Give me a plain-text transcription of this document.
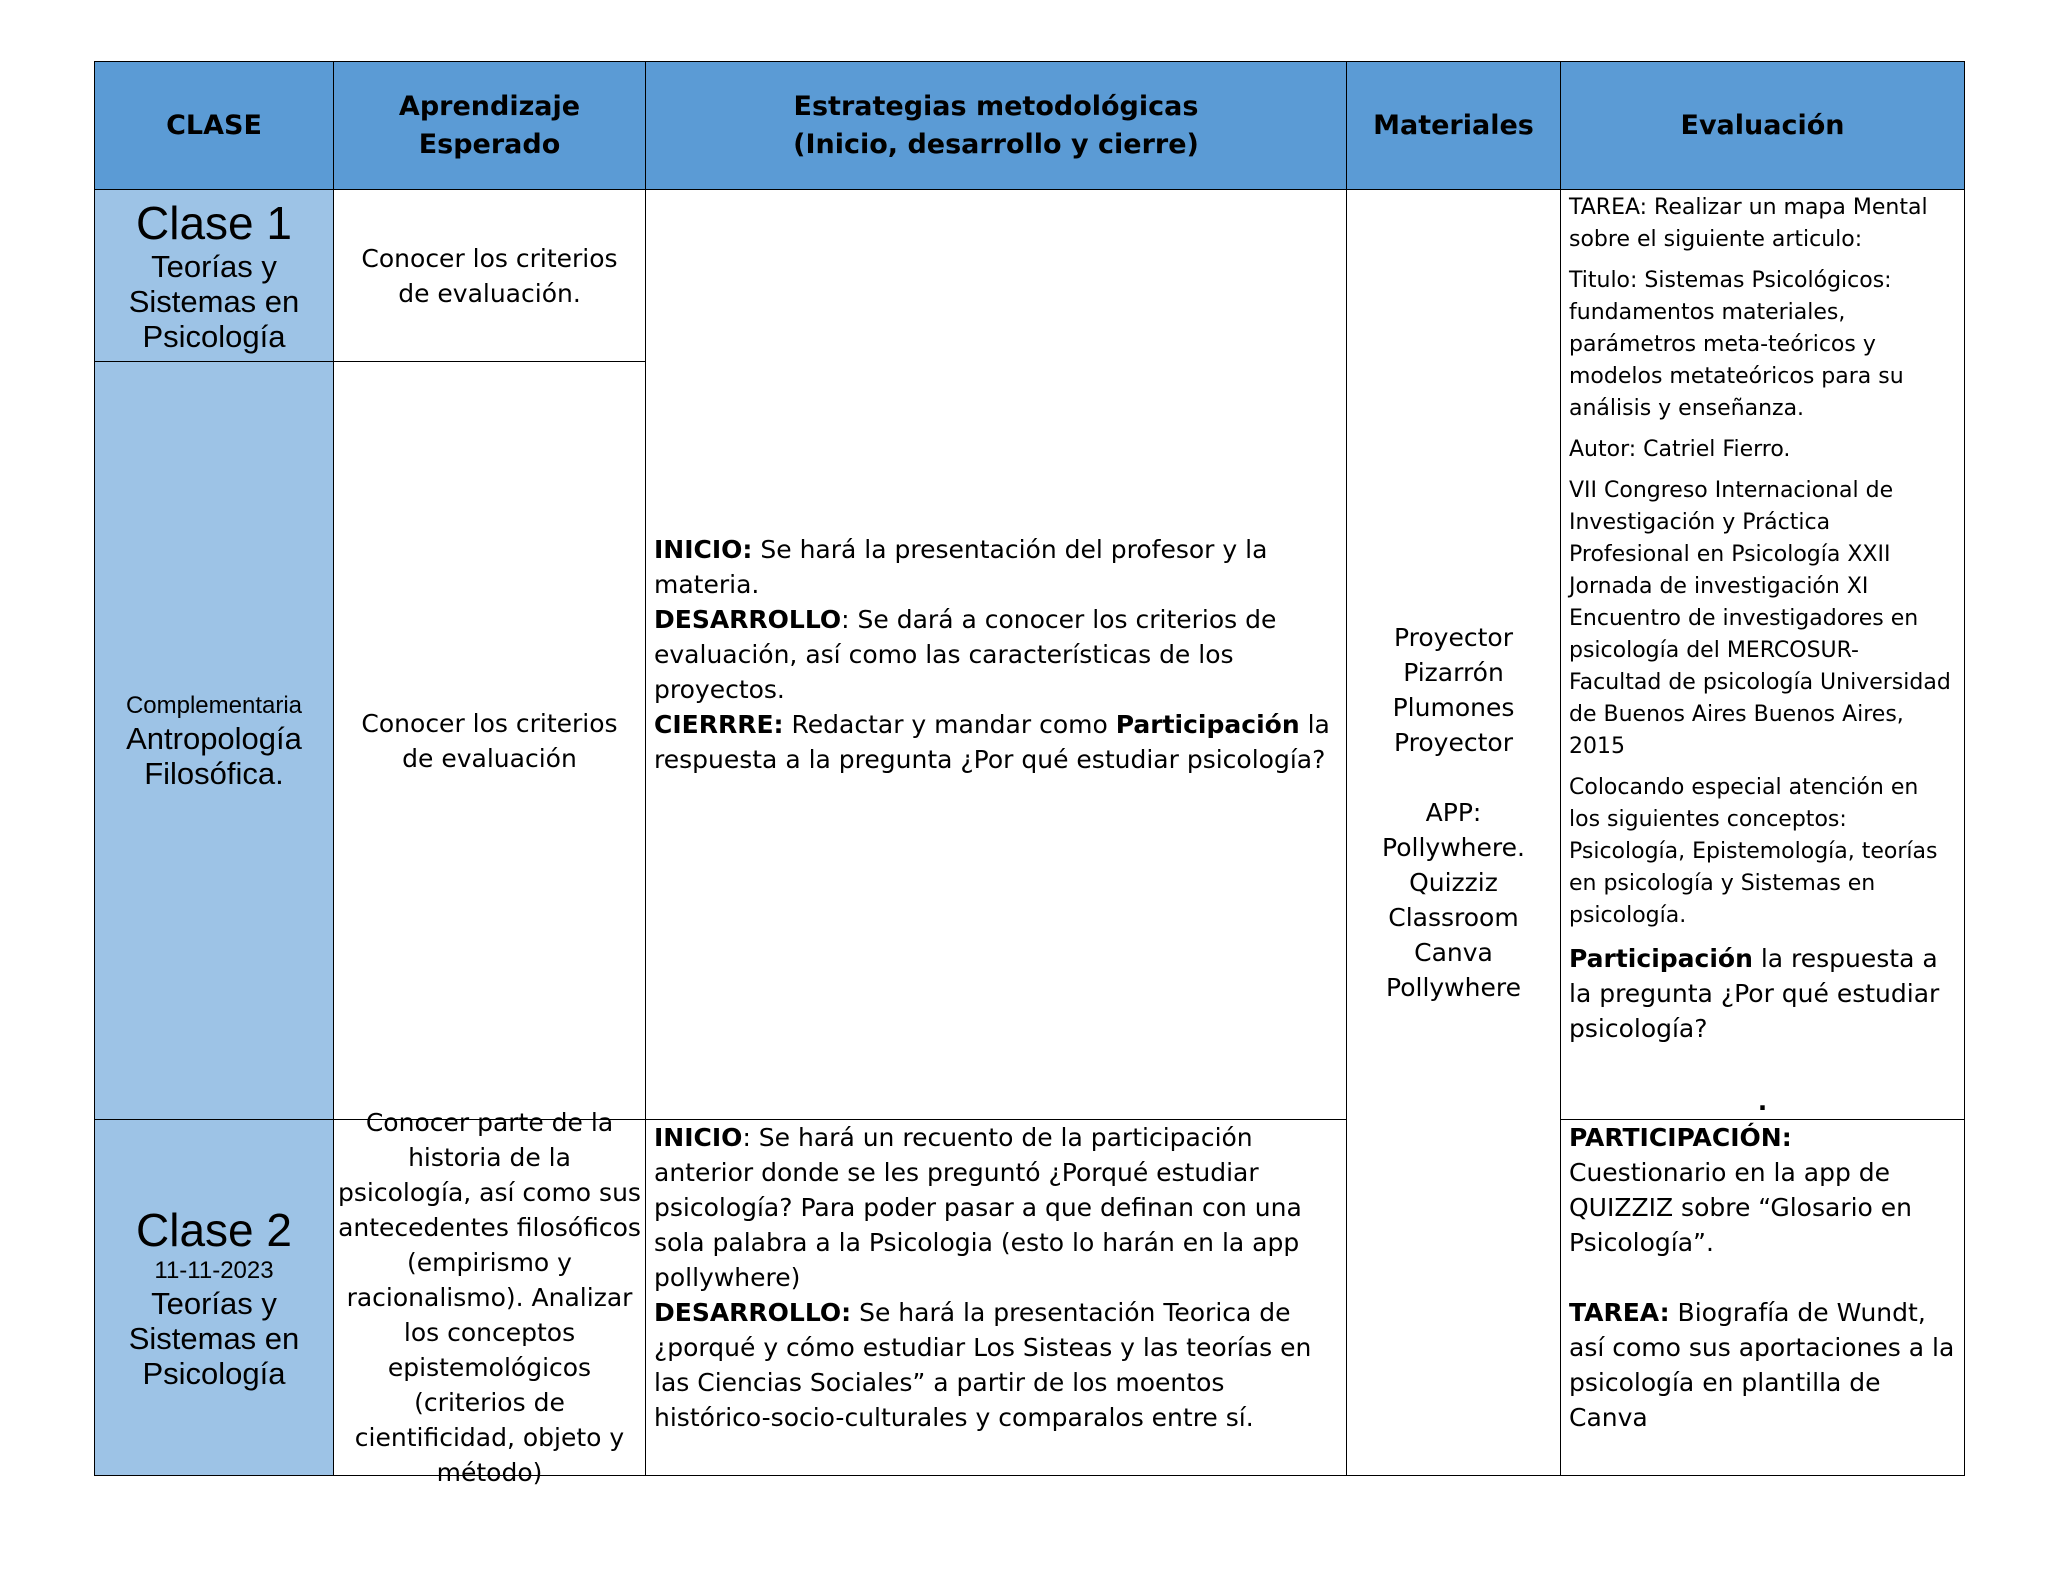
CLASE
Aprendizaje Esperado
Estrategias metodológicas
(Inicio, desarrollo y cierre)
Materiales	Evaluación
Clase 1
Teorías y
Sistemas en
Psicología
Conocer los criterios de evaluación.
Complementaria
Antropología
Filosófica.
Conocer los criterios de evaluación

INICIO: Se hará la presentación del profesor y la materia.
DESARROLLO: Se dará a conocer los criterios de evaluación, así como las características de los proyectos.
CIERRRE: Redactar y mandar como Participación la respuesta a la pregunta ¿Por qué estudiar psicología?

Proyector
Pizarrón
Plumones
Proyector
APP:
Pollywhere.
Quizziz
Classroom
Canva
Pollywhere

TAREA: Realizar un mapa Mental sobre el siguiente articulo:

Titulo: Sistemas Psicológicos: fundamentos materiales, parámetros meta-teóricos y modelos metateóricos para su análisis y enseñanza.

Autor: Catriel Fierro.

VII Congreso Internacional de Investigación y Práctica Profesional en Psicología XXII Jornada de investigación XI Encuentro de investigadores en psicología del MERCOSUR- Facultad de psicología Universidad de Buenos Aires Buenos Aires, 2015

Colocando especial atención en los siguientes conceptos: Psicología, Epistemología, teorías en psicología y Sistemas en psicología.

Participación la respuesta a la pregunta ¿Por qué estudiar psicología?

.

Clase 2
11-11-2023
Teorías y
Sistemas en
Psicología
Conocer parte de la historia de la psicología, así como sus antecedentes filosóficos (empirismo y racionalismo). Analizar los conceptos epistemológicos (criterios de cientificidad, objeto y método)

INICIO: Se hará un recuento de la participación anterior donde se les preguntó ¿Porqué estudiar psicología? Para poder pasar a que definan con una sola palabra a la Psicologia (esto lo harán en la app pollywhere)
DESARROLLO: Se hará la presentación Teorica de ¿porqué y cómo estudiar Los Sisteas y las teorías en las Ciencias Sociales” a partir de los moentos histórico-socio-culturales y comparalos entre sí.

PARTICIPACIÓN: Cuestionario en la app de QUIZZIZ sobre “Glosario en Psicología”.

TAREA: Biografía de Wundt, así como sus aportaciones a la psicología en plantilla de Canva
